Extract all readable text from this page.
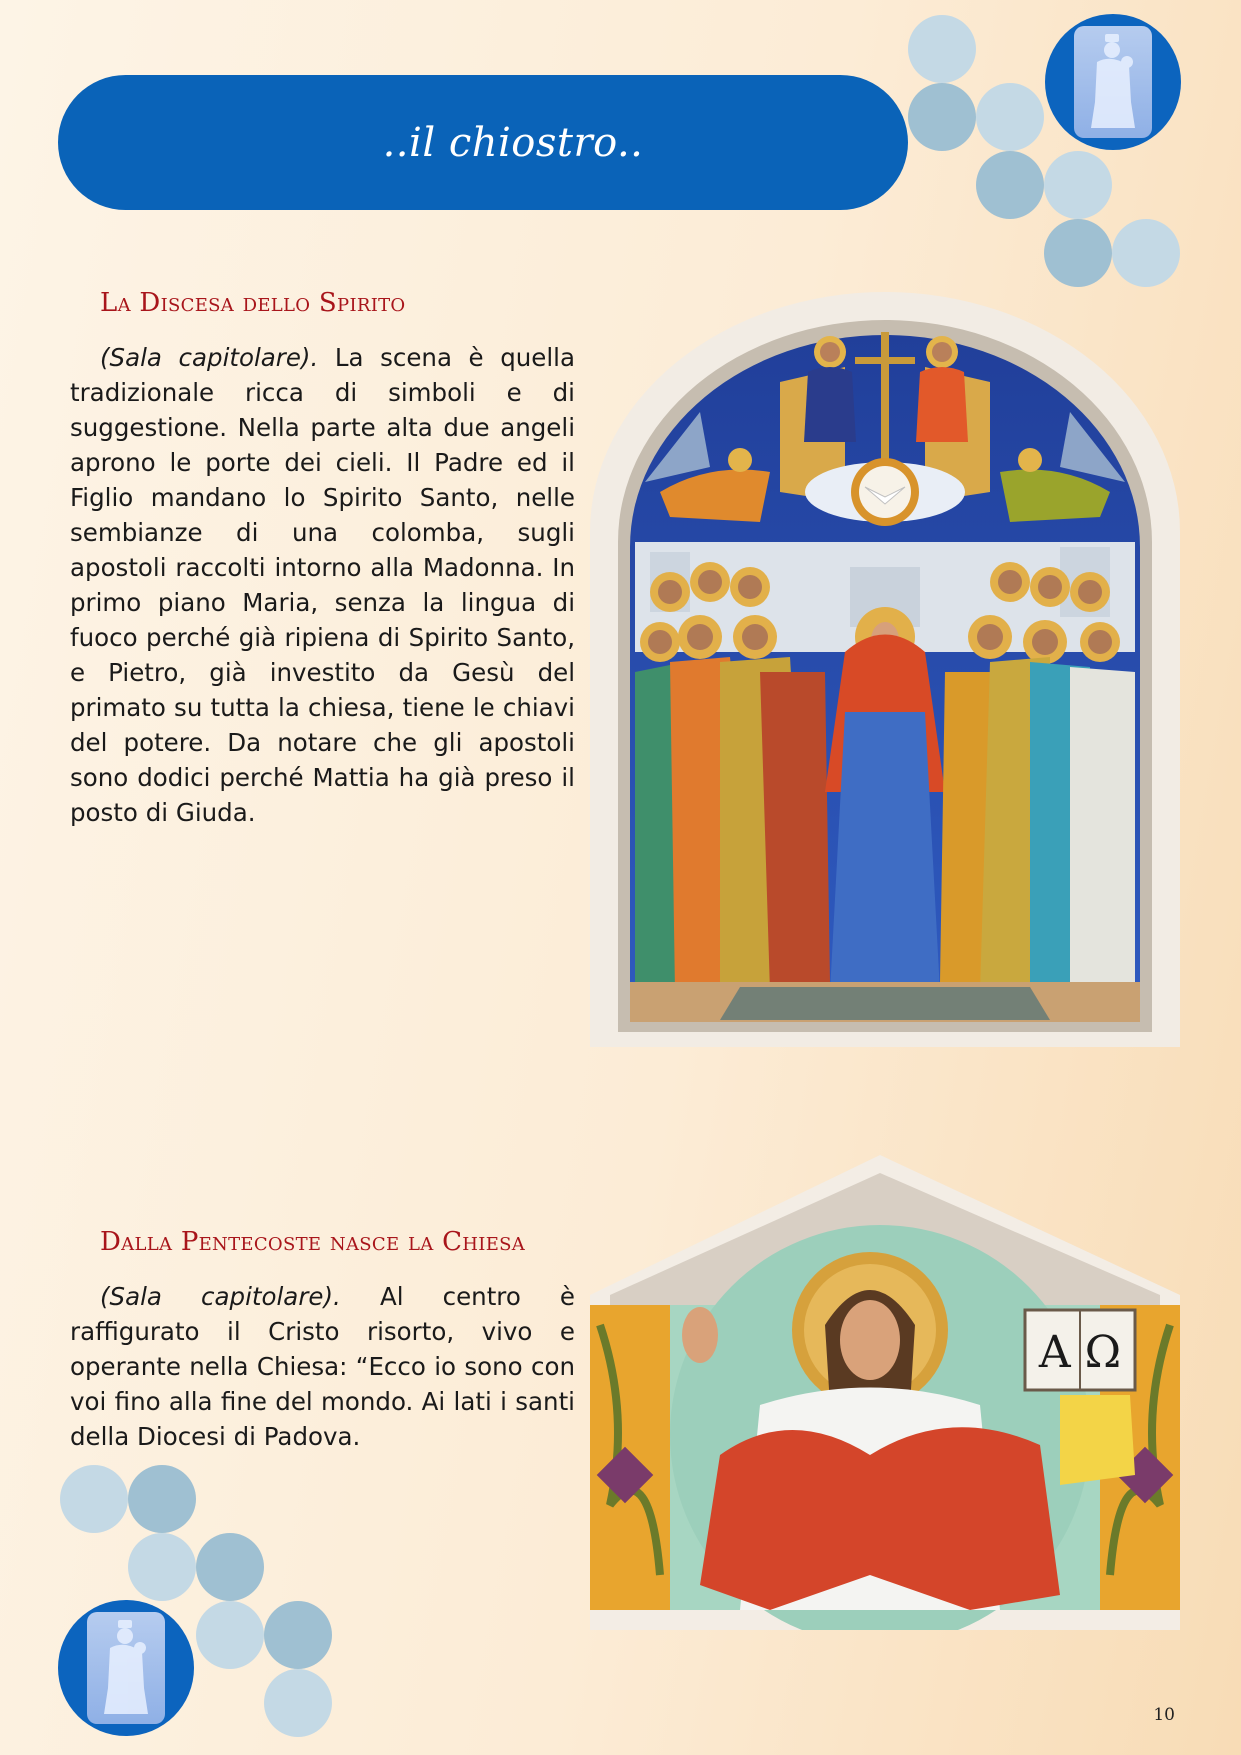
..il chiostro..
La Discesa dello Spirito

(Sala capitolare). La scena è quella tradizionale ricca di simboli e di suggestione. Nella parte alta due angeli aprono le porte dei cieli. Il Padre ed il Figlio mandano lo Spirito Santo, nelle sembianze di una colomba, sugli apostoli raccolti intorno alla Madonna. In primo piano Maria, senza la lingua di fuoco perché già ripiena di Spirito Santo, e Pietro, già investito da Gesù del primato su tutta la chiesa, tiene le chiavi del potere. Da notare che gli apostoli sono dodici perché Mattia ha già preso il posto di Giuda.

Dalla Pentecoste nasce la Chiesa

(Sala capitolare). Al centro è raffigurato il Cristo risorto, vivo e operante nella Chiesa: “Ecco io sono con voi fino alla fine del mondo. Ai lati i santi della Diocesi di Padova.

Α Ω
10
